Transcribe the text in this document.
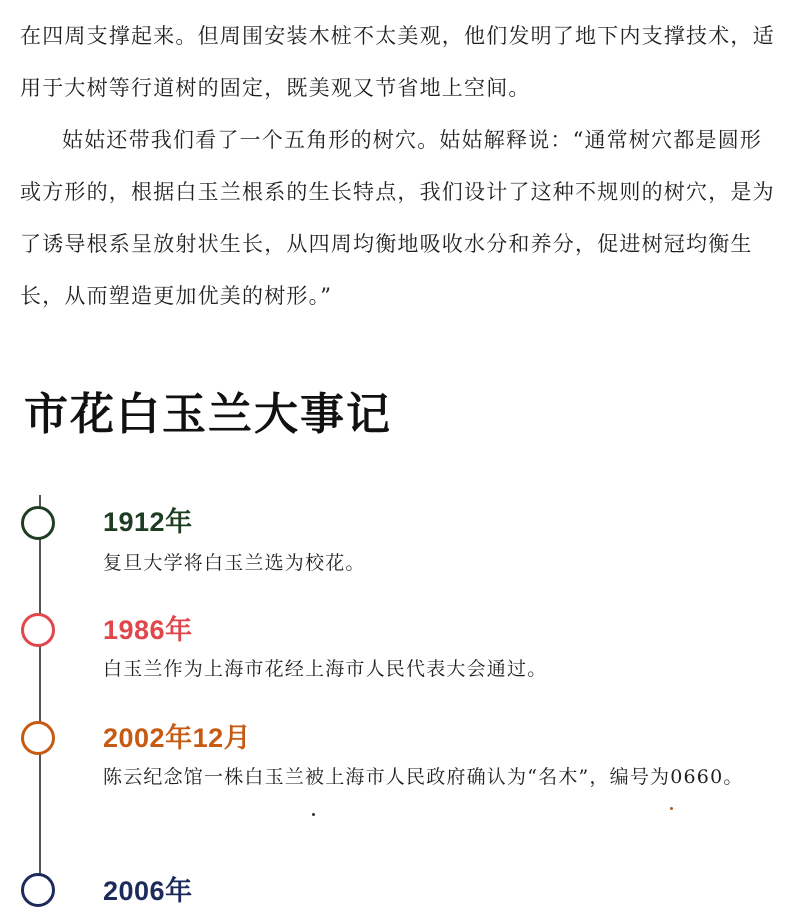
在四周支撑起来。但周围安装木桩不太美观，他们发明了地下内支撑技术，适用于大树等行道树的固定，既美观又节省地上空间。

姑姑还带我们看了一个五角形的树穴。姑姑解释说：“通常树穴都是圆形或方形的，根据白玉兰根系的生长特点，我们设计了这种不规则的树穴，是为了诱导根系呈放射状生长，从四周均衡地吸收水分和养分，促进树冠均衡生长，从而塑造更加优美的树形。”

市花白玉兰大事记
1912年

复旦大学将白玉兰选为校花。

1986年

白玉兰作为上海市花经上海市人民代表大会通过。

2002年12月

陈云纪念馆一株白玉兰被上海市人民政府确认为“名木”，编号为0660。

2006年
